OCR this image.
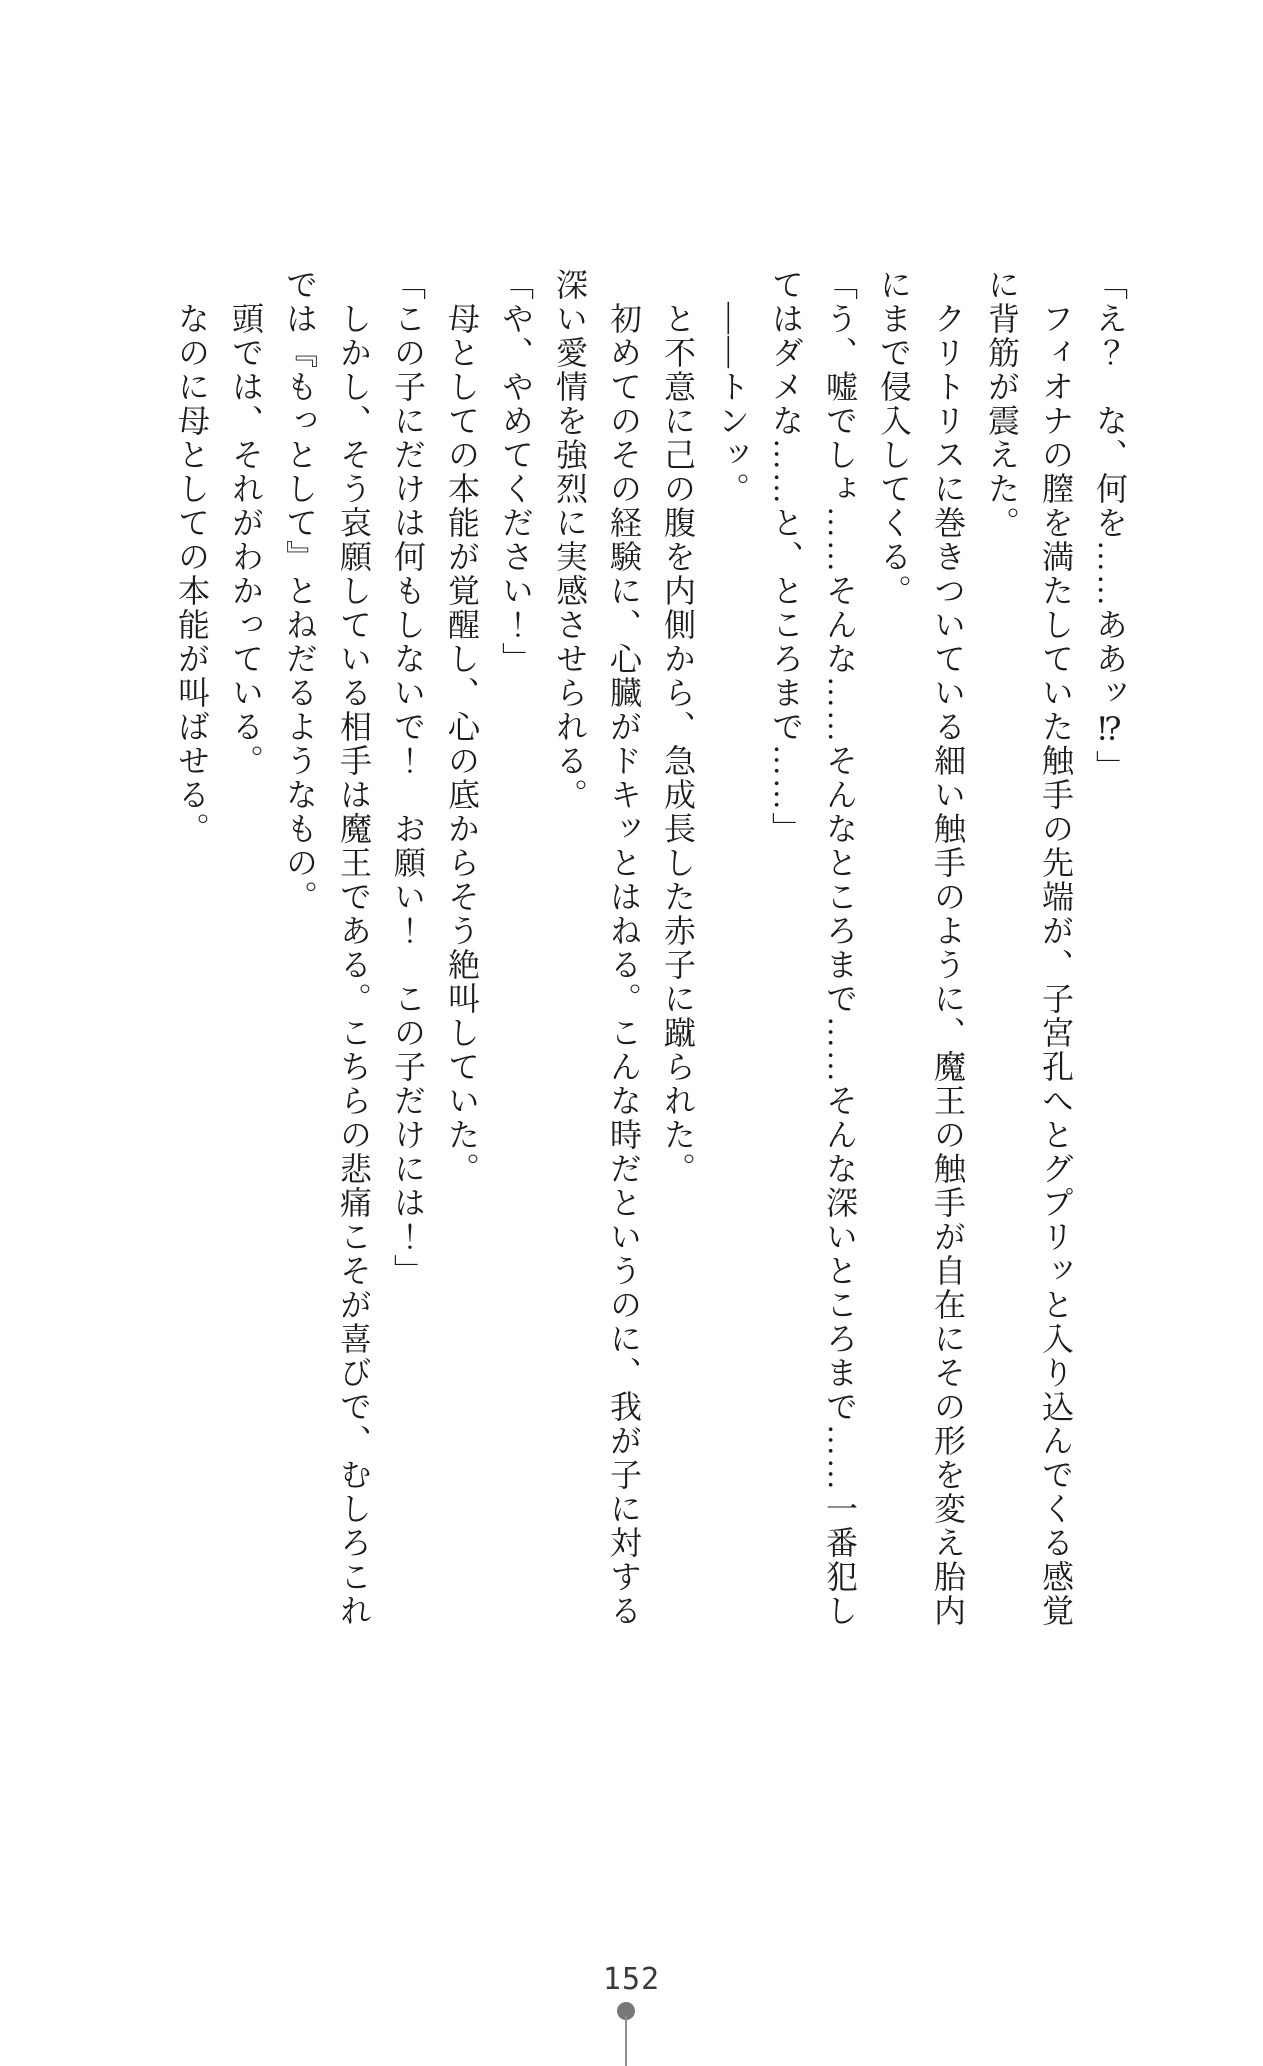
「え？　な、何を……ああッ⁉」
フィオナの膣を満たしていた触手の先端が、子宮孔へとグプリッと入り込んでくる感覚
に背筋が震えた。
クリトリスに巻きついている細い触手のように、魔王の触手が自在にその形を変え胎内
にまで侵入してくる。
「う、嘘でしょ……そんな……そんなところまで……そんな深いところまで……一番犯し
てはダメな……と、ところまで……」
――トンッ。
と不意に己の腹を内側から、急成長した赤子に蹴られた。
初めてのその経験に、心臓がドキッとはねる。こんな時だというのに、我が子に対する
深い愛情を強烈に実感させられる。
「や、やめてください！」
母としての本能が覚醒し、心の底からそう絶叫していた。
「この子にだけは何もしないで！　お願い！　この子だけには！」
しかし、そう哀願している相手は魔王である。こちらの悲痛こそが喜びで、むしろこれ
では『もっとして』とねだるようなもの。
頭では、それがわかっている。
なのに母としての本能が叫ばせる。
152
